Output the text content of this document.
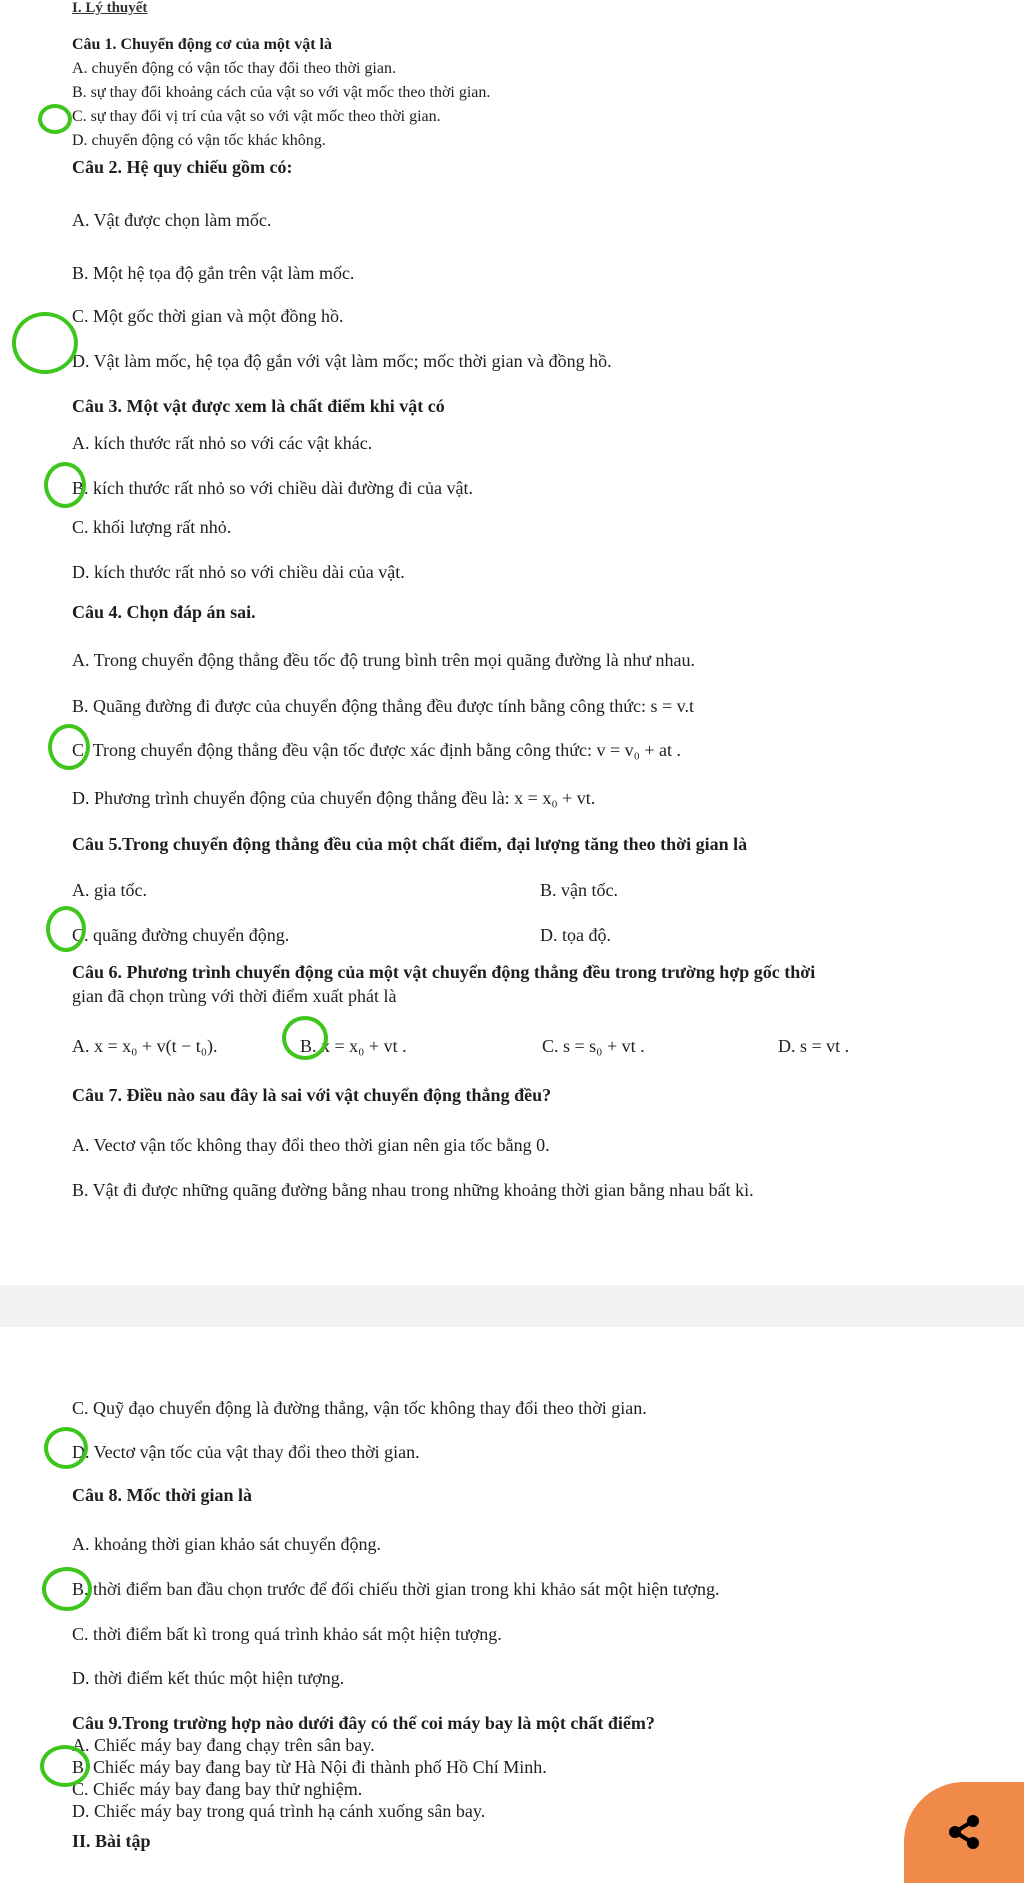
I. Lý thuyết
Câu 1. Chuyển động cơ của một vật là
A. chuyển động có vận tốc thay đổi theo thời gian.
B. sự thay đổi khoảng cách của vật so với vật mốc theo thời gian.
C. sự thay đổi vị trí của vật so với vật mốc theo thời gian.
D. chuyển động có vận tốc khác không.
Câu 2. Hệ quy chiếu gồm có:
A. Vật được chọn làm mốc.
B. Một hệ tọa độ gắn trên vật làm mốc.
C. Một gốc thời gian và một đồng hồ.
D. Vật làm mốc, hệ tọa độ gắn với vật làm mốc; mốc thời gian và đồng hồ.
Câu 3. Một vật được xem là chất điểm khi vật có
A. kích thước rất nhỏ so với các vật khác.
B. kích thước rất nhỏ so với chiều dài đường đi của vật.
C. khối lượng rất nhỏ.
D. kích thước rất nhỏ so với chiều dài của vật.
Câu 4. Chọn đáp án sai.
A. Trong chuyển động thẳng đều tốc độ trung bình trên mọi quãng đường là như nhau.
B. Quãng đường đi được của chuyển động thẳng đều được tính bằng công thức: s = v.t
C. Trong chuyển động thẳng đều vận tốc được xác định bằng công thức: v = v₀ + at .
D. Phương trình chuyển động của chuyển động thẳng đều là: x = x₀ + vt.
Câu 5.Trong chuyển động thẳng đều của một chất điểm, đại lượng tăng theo thời gian là
A. gia tốc.	B. vận tốc.
C. quãng đường chuyển động.	D. tọa độ.
Câu 6. Phương trình chuyển động của một vật chuyển động thẳng đều trong trường hợp gốc thời
gian đã chọn trùng với thời điểm xuất phát là
A. x = x₀ + v(t − t₀).	B. x = x₀ + vt .	C. s = s₀ + vt .	D. s = vt .
Câu 7. Điều nào sau đây là sai với vật chuyển động thẳng đều?
A. Vectơ vận tốc không thay đổi theo thời gian nên gia tốc bằng 0.
B. Vật đi được những quãng đường bằng nhau trong những khoảng thời gian bằng nhau bất kì.
C. Quỹ đạo chuyển động là đường thẳng, vận tốc không thay đổi theo thời gian.
D. Vectơ vận tốc của vật thay đổi theo thời gian.
Câu 8. Mốc thời gian là
A. khoảng thời gian khảo sát chuyển động.
B. thời điểm ban đầu chọn trước để đối chiếu thời gian trong khi khảo sát một hiện tượng.
C. thời điểm bất kì trong quá trình khảo sát một hiện tượng.
D. thời điểm kết thúc một hiện tượng.
Câu 9.Trong trường hợp nào dưới đây có thể coi máy bay là một chất điểm?
A. Chiếc máy bay đang chạy trên sân bay.
B. Chiếc máy bay đang bay từ Hà Nội đi thành phố Hồ Chí Minh.
C. Chiếc máy bay đang bay thử nghiệm.
D. Chiếc máy bay trong quá trình hạ cánh xuống sân bay.
II. Bài tập
